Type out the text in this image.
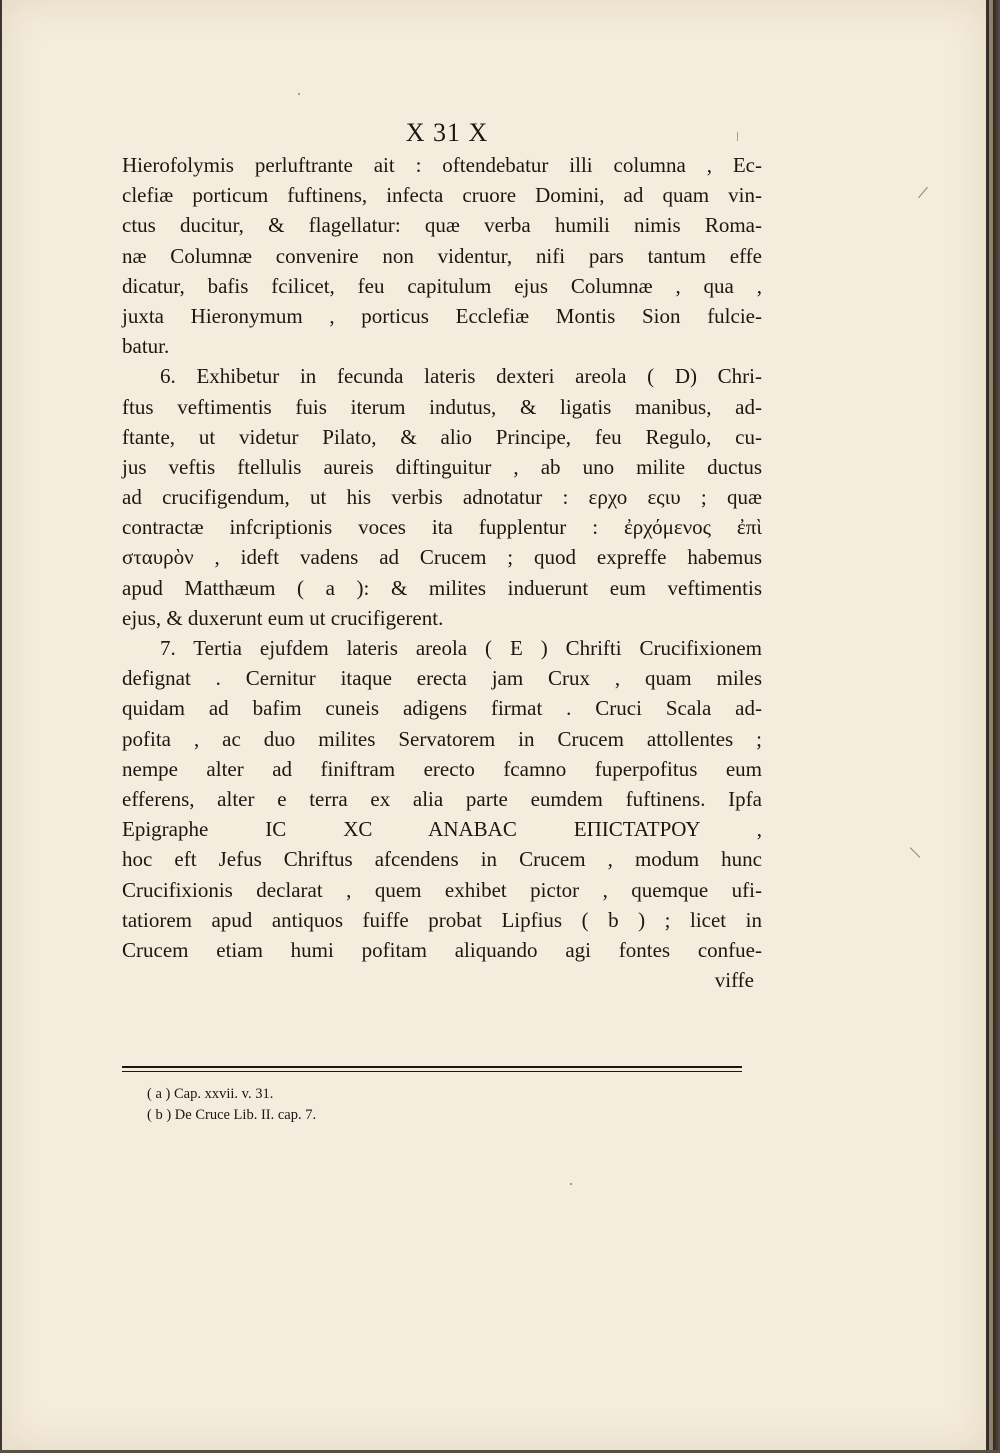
X 31 X
Hierofolymis perluftrante ait : oftendebatur illi columna , Ec-
clefiæ porticum fuftinens, infecta cruore Domini, ad quam vin-
ctus ducitur, & flagellatur: quæ verba humili nimis Roma-
næ Columnæ convenire non videntur, nifi pars tantum effe
dicatur, bafis fcilicet, feu capitulum ejus Columnæ , qua ,
juxta Hieronymum , porticus Ecclefiæ Montis Sion fulcie-
batur.
6. Exhibetur in fecunda lateris dexteri areola ( D) Chri-
ftus veftimentis fuis iterum indutus, & ligatis manibus, ad-
ftante, ut videtur Pilato, & alio Principe, feu Regulo, cu-
jus veftis ftellulis aureis diftinguitur , ab uno milite ductus
ad crucifigendum, ut his verbis adnotatur : ερχο εςιυ ; quæ
contractæ infcriptionis voces ita fupplentur : ἐρχόμενος ἐπὶ
σταυρὸν , ideft vadens ad Crucem ; quod expreffe habemus
apud Matthæum ( a ): & milites induerunt eum veftimentis
ejus, & duxerunt eum ut crucifigerent.
7. Tertia ejufdem lateris areola ( E ) Chrifti Crucifixionem
defignat . Cernitur itaque erecta jam Crux , quam miles
quidam ad bafim cuneis adigens firmat . Cruci Scala ad-
pofita , ac duo milites Servatorem in Crucem attollentes ;
nempe alter ad finiftram erecto fcamno fuperpofitus eum
efferens, alter e terra ex alia parte eumdem fuftinens. Ipfa
Epigraphe IC XC ANABAC ΕΠΙCΤΑΤΡΟΥ ,
hoc eft Jefus Chriftus afcendens in Crucem , modum hunc
Crucifixionis declarat , quem exhibet pictor , quemque ufi-
tatiorem apud antiquos fuiffe probat Lipfius ( b ) ; licet in
Crucem etiam humi pofitam aliquando agi fontes confue-
viffe
( a ) Cap. xxvii. v. 31.
( b ) De Cruce Lib. II. cap. 7.
